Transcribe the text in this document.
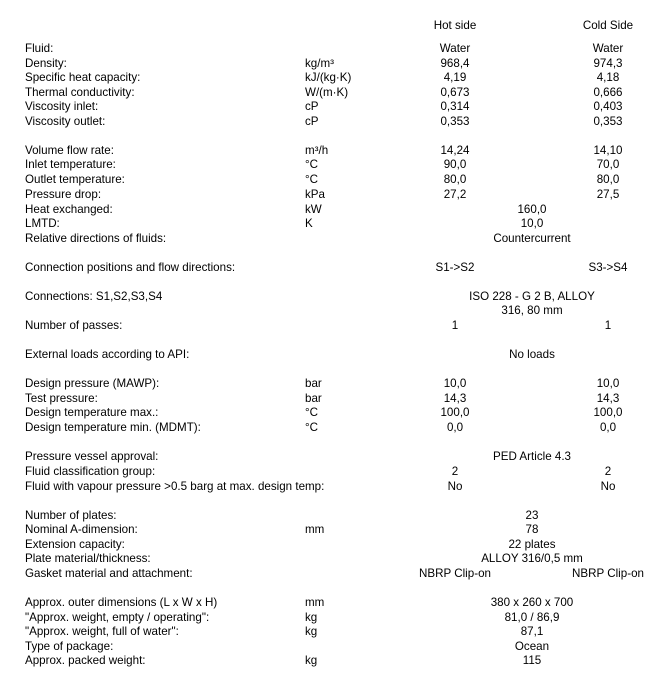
Hot side	Cold Side
Fluid:	Water	Water
Density:	kg/m³	968,4	974,3
Specific heat capacity:	kJ/(kg·K)	4,19	4,18
Thermal conductivity:	W/(m·K)	0,673	0,666
Viscosity inlet:	cP	0,314	0,403
Viscosity outlet:	cP	0,353	0,353
Volume flow rate:	m³/h	14,24	14,10
Inlet temperature:	°C	90,0	70,0
Outlet temperature:	°C	80,0	80,0
Pressure drop:	kPa	27,2	27,5
Heat exchanged:	kW	160,0
LMTD:	K	10,0
Relative directions of fluids:	Countercurrent
Connection positions and flow directions:	S1->S2	S3->S4
Connections: S1,S2,S3,S4	ISO 228 - G 2 B, ALLOY
316, 80 mm
Number of passes:	1	1
External loads according to API:	No loads
Design pressure (MAWP):	bar	10,0	10,0
Test pressure:	bar	14,3	14,3
Design temperature max.:	°C	100,0	100,0
Design temperature min. (MDMT):	°C	0,0	0,0
Pressure vessel approval:	PED Article 4.3
Fluid classification group:	2	2
Fluid with vapour pressure >0.5 barg at max. design temp:	No	No
Number of plates:	23
Nominal A-dimension:	mm	78
Extension capacity:	22 plates
Plate material/thickness:	ALLOY 316/0,5 mm
Gasket material and attachment:	NBRP Clip-on	NBRP Clip-on
Approx. outer dimensions (L x W x H)	mm	380 x 260 x 700
"Approx. weight, empty / operating":	kg	81,0 / 86,9
"Approx. weight, full of water":	kg	87,1
Type of package:	Ocean
Approx. packed weight:	kg	115
